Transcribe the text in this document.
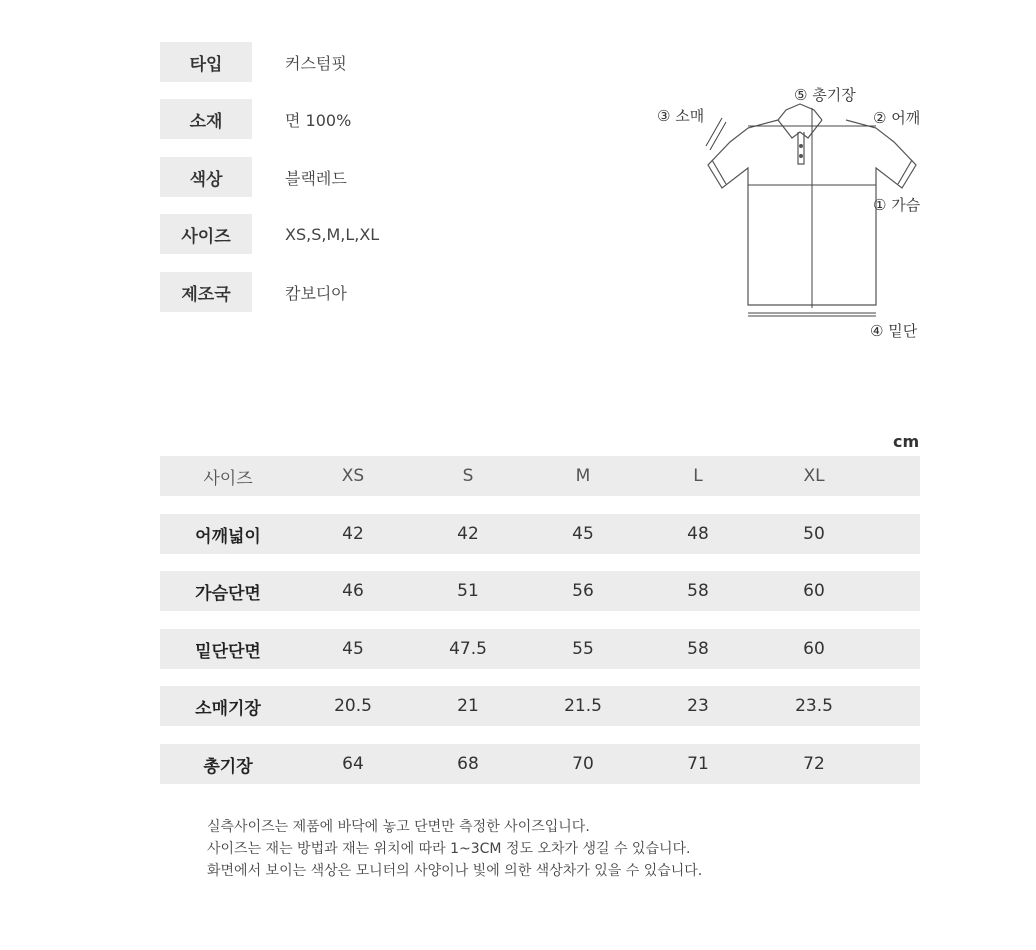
타입	커스텀핏
소재	면 100%
색상	블랙레드
사이즈	XS,S,M,L,XL
제조국	캄보디아
⑤ 총기장
③ 소매	② 어깨
① 가슴
④ 밑단
cm
사이즈	XS	S	M	L	XL
어깨넓이	42	42	45	48	50
가슴단면	46	51	56	58	60
밑단단면	45	47.5	55	58	60
소매기장	20.5	21	21.5	23	23.5
총기장	64	68	70	71	72
실측사이즈는 제품에 바닥에 놓고 단면만 측정한 사이즈입니다.
사이즈는 재는 방법과 재는 위치에 따라 1~3CM 정도 오차가 생길 수 있습니다.
화면에서 보이는 색상은 모니터의 사양이나 빛에 의한 색상차가 있을 수 있습니다.
